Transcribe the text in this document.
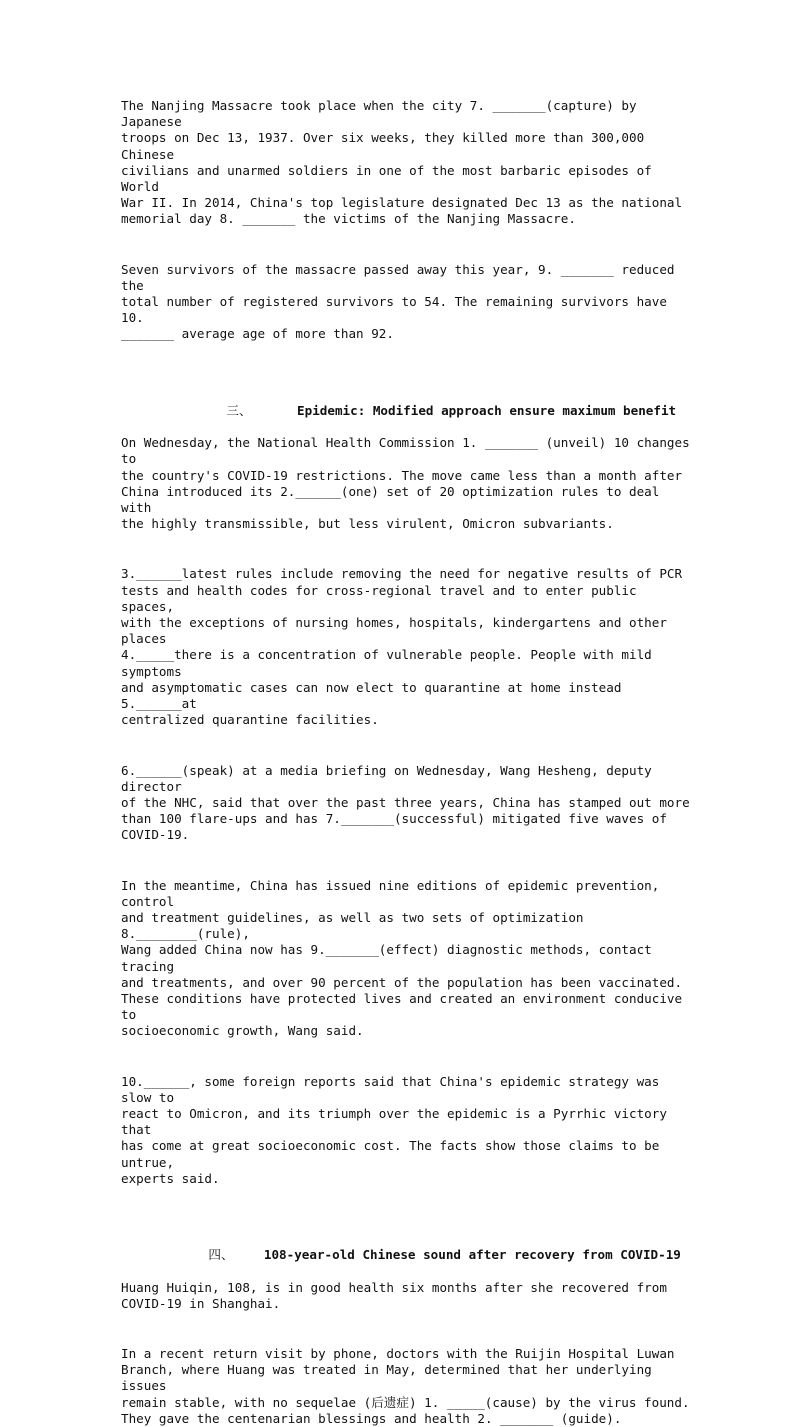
The Nanjing Massacre took place when the city 7. _______(capture) by Japanese
troops on Dec 13, 1937. Over six weeks, they killed more than 300,000 Chinese
civilians and unarmed soldiers in one of the most barbaric episodes of World
War II. In 2014, China's top legislature designated Dec 13 as the national
memorial day 8. _______ the victims of the Nanjing Massacre.

Seven survivors of the massacre passed away this year, 9. _______ reduced the
total number of registered survivors to 54. The remaining survivors have 10.
_______ average age of more than 92.

三、	Epidemic: Modified approach ensure maximum benefit

On Wednesday, the National Health Commission 1. _______ (unveil) 10 changes to
the country's COVID-19 restrictions. The move came less than a month after
China introduced its 2.______(one) set of 20 optimization rules to deal with
the highly transmissible, but less virulent, Omicron subvariants.

3.______latest rules include removing the need for negative results of PCR
tests and health codes for cross-regional travel and to enter public spaces,
with the exceptions of nursing homes, hospitals, kindergartens and other places
4._____there is a concentration of vulnerable people. People with mild symptoms
and asymptomatic cases can now elect to quarantine at home instead 5.______at
centralized quarantine facilities.

6.______(speak) at a media briefing on Wednesday, Wang Hesheng, deputy director
of the NHC, said that over the past three years, China has stamped out more
than 100 flare-ups and has 7._______(successful) mitigated five waves of
COVID-19.

In the meantime, China has issued nine editions of epidemic prevention, control
and treatment guidelines, as well as two sets of optimization 8.________(rule),
Wang added China now has 9._______(effect) diagnostic methods, contact tracing
and treatments, and over 90 percent of the population has been vaccinated.
These conditions have protected lives and created an environment conducive to
socioeconomic growth, Wang said.

10.______, some foreign reports said that China's epidemic strategy was slow to
react to Omicron, and its triumph over the epidemic is a Pyrrhic victory that
has come at great socioeconomic cost. The facts show those claims to be untrue,
experts said.

四、 108-year-old Chinese sound after recovery from COVID-19

Huang Huiqin, 108, is in good health six months after she recovered from
COVID-19 in Shanghai.

In a recent return visit by phone, doctors with the Ruijin Hospital Luwan
Branch, where Huang was treated in May, determined that her underlying issues
remain stable, with no sequelae (后遗症) 1. _____(cause) by the virus found.
They gave the centenarian blessings and health 2. _______ (guide).
